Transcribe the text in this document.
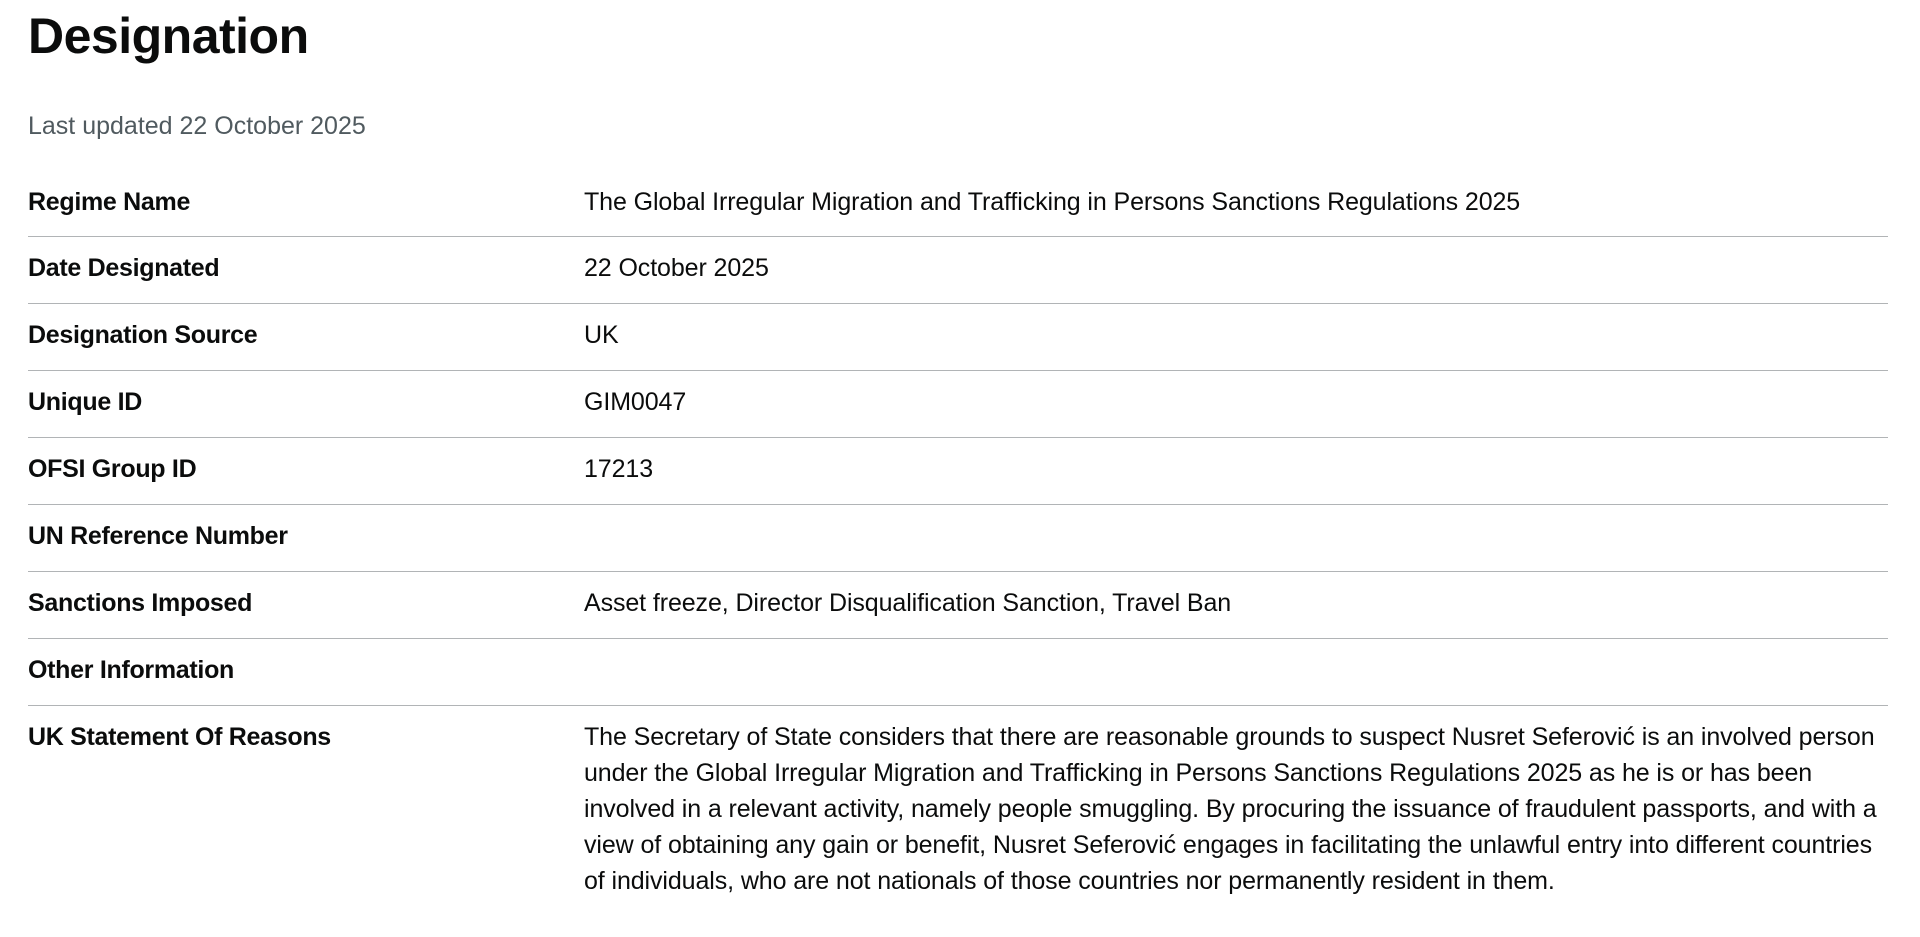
Designation
Last updated 22 October 2025
Regime Name	The Global Irregular Migration and Trafficking in Persons Sanctions Regulations 2025
Date Designated	22 October 2025
Designation Source	UK
Unique ID	GIM0047
OFSI Group ID	17213
UN Reference Number
Sanctions Imposed	Asset freeze, Director Disqualification Sanction, Travel Ban
Other Information
UK Statement Of Reasons	The Secretary of State considers that there are reasonable grounds to suspect Nusret Seferović is an involved person under the Global Irregular Migration and Trafficking in Persons Sanctions Regulations 2025 as he is or has been involved in a relevant activity, namely people smuggling. By procuring the issuance of fraudulent passports, and with a view of obtaining any gain or benefit, Nusret Seferović engages in facilitating the unlawful entry into different countries of individuals, who are not nationals of those countries nor permanently resident in them.
